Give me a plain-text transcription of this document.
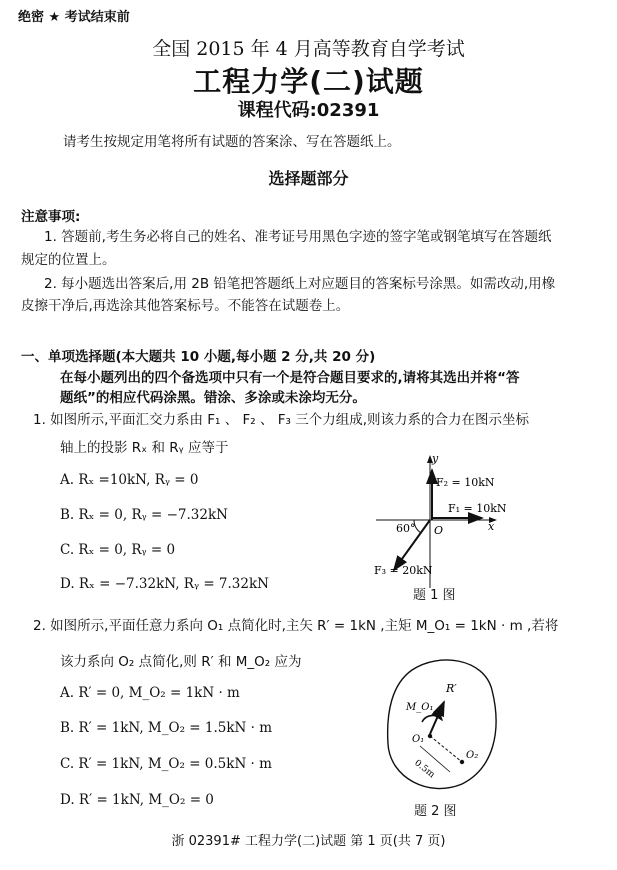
绝密 ★ 考试结束前
全国 2015 年 4 月高等教育自学考试
工程力学(二)试题
课程代码:02391
请考生按规定用笔将所有试题的答案涂、写在答题纸上。
选择题部分
注意事项:
1. 答题前,考生务必将自己的姓名、准考证号用黑色字迹的签字笔或钢笔填写在答题纸
规定的位置上。
2. 每小题选出答案后,用 2B 铅笔把答题纸上对应题目的答案标号涂黑。如需改动,用橡
皮擦干净后,再选涂其他答案标号。不能答在试题卷上。
一、单项选择题(本大题共 10 小题,每小题 2 分,共 20 分)
在每小题列出的四个备选项中只有一个是符合题目要求的,请将其选出并将“答
题纸”的相应代码涂黑。错涂、多涂或未涂均无分。
1. 如图所示,平面汇交力系由 F₁ 、 F₂ 、 F₃ 三个力组成,则该力系的合力在图示坐标
轴上的投影 Rₓ 和 Rᵧ 应等于
A. Rₓ =10kN, Rᵧ = 0
B. Rₓ = 0, Rᵧ = −7.32kN
C. Rₓ = 0, Rᵧ = 0
D. Rₓ = −7.32kN, Rᵧ = 7.32kN
y
x
O
F₂ = 10kN
F₁ = 10kN
60°
F₃ = 20kN
题 1 图
2. 如图所示,平面任意力系向 O₁ 点简化时,主矢 R′ = 1kN ,主矩 M_O₁ = 1kN · m ,若将
该力系向 O₂ 点简化,则 R′ 和 M_O₂ 应为
A. R′ = 0, M_O₂ = 1kN · m
B. R′ = 1kN, M_O₂ = 1.5kN · m
C. R′ = 1kN, M_O₂ = 0.5kN · m
D. R′ = 1kN, M_O₂ = 0
R′
M_O₁
O₁
O₂
0.5m
题 2 图
浙 02391# 工程力学(二)试题 第 1 页(共 7 页)
